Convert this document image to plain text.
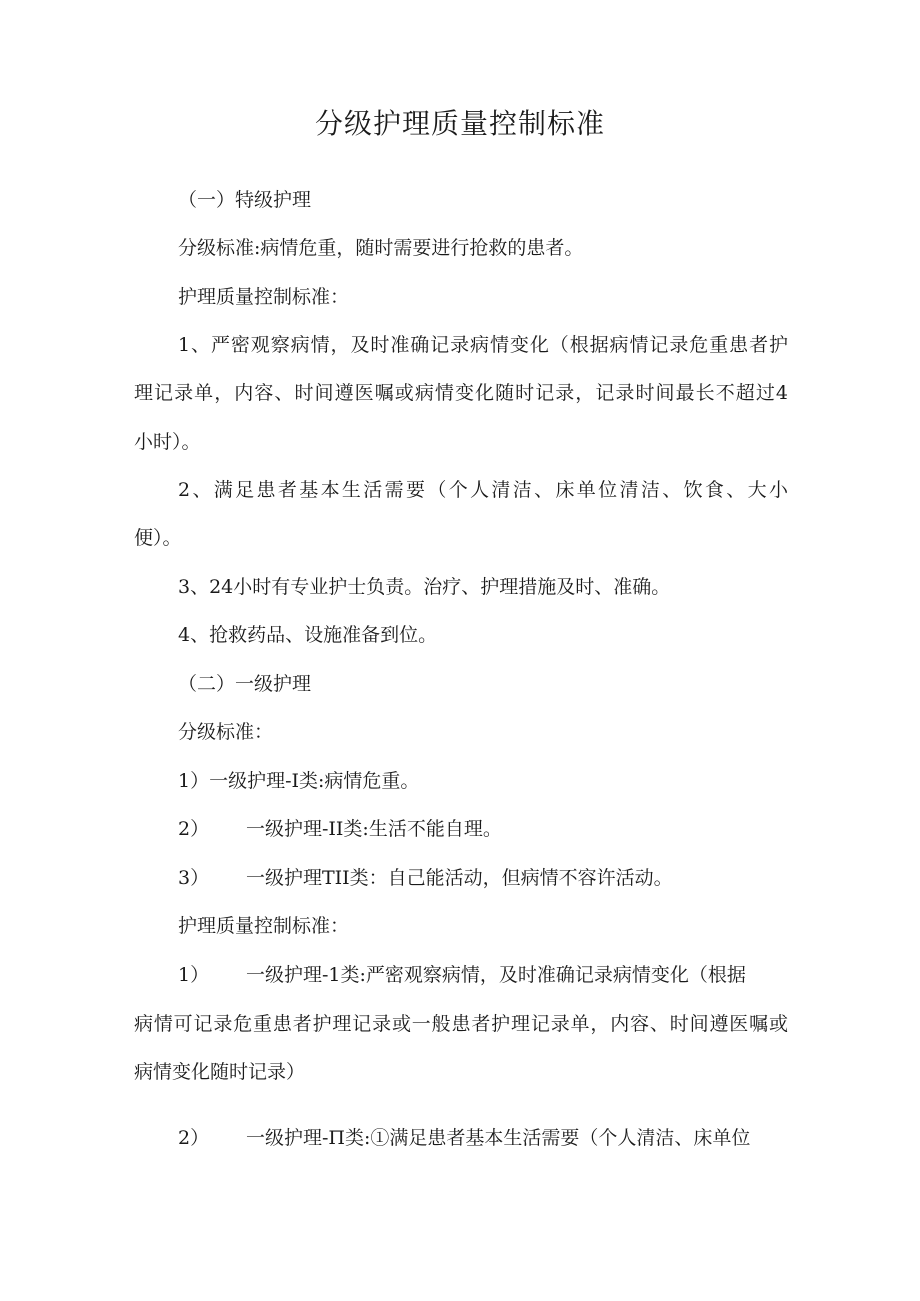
分级护理质量控制标准
（一）特级护理
分级标准:病情危重，随时需要进行抢救的患者。
护理质量控制标准：
1、严密观察病情，及时准确记录病情变化（根据病情记录危重患者护
理记录单，内容、时间遵医嘱或病情变化随时记录，记录时间最长不超过4
小时）。
2、满足患者基本生活需要（个人清洁、床单位清洁、饮食、大小
便）。
3、24小时有专业护士负责。治疗、护理措施及时、准确。
4、抢救药品、设施准备到位。
（二）一级护理
分级标准：
1）一级护理-I类:病情危重。
2） 一级护理-II类:生活不能自理。
3） 一级护理TII类：自己能活动，但病情不容许活动。
护理质量控制标准：
1） 一级护理-1类:严密观察病情，及时准确记录病情变化（根据
病情可记录危重患者护理记录或一般患者护理记录单，内容、时间遵医嘱或
病情变化随时记录）
2） 一级护理-Π类:①满足患者基本生活需要（个人清洁、床单位
